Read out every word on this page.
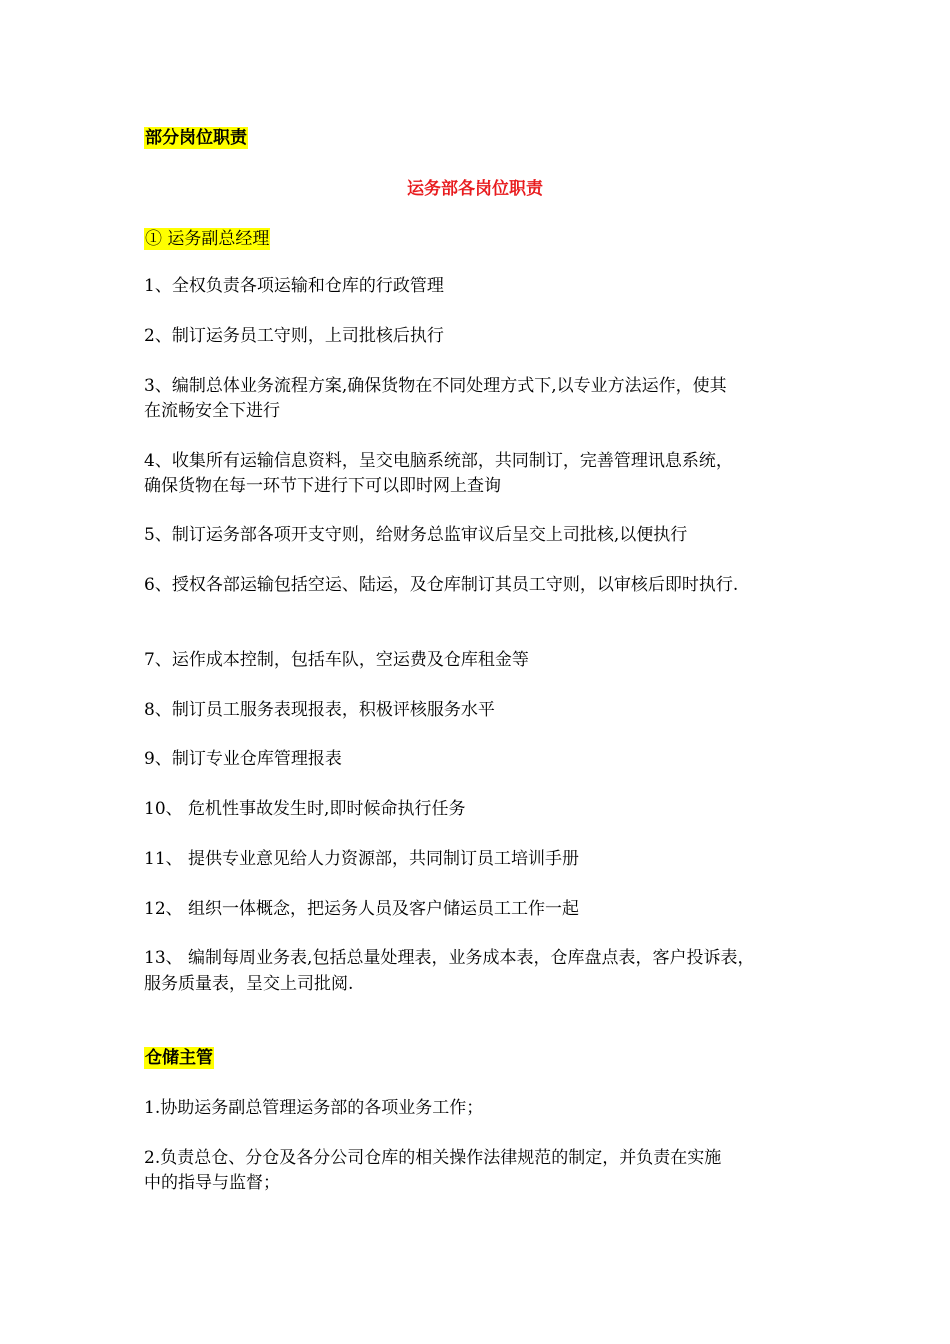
部分岗位职责
运务部各岗位职责
① 运务副总经理
1、全权负责各项运输和仓库的行政管理
2、制订运务员工守则，上司批核后执行
3、编制总体业务流程方案,确保货物在不同处理方式下,以专业方法运作，使其
在流畅安全下进行
4、收集所有运输信息资料，呈交电脑系统部，共同制订，完善管理讯息系统，
确保货物在每一环节下进行下可以即时网上查询
5、制订运务部各项开支守则，给财务总监审议后呈交上司批核,以便执行
6、授权各部运输包括空运、陆运，及仓库制订其员工守则，以审核后即时执行.
7、运作成本控制，包括车队，空运费及仓库租金等
8、制订员工服务表现报表，积极评核服务水平
9、制订专业仓库管理报表
10、 危机性事故发生时,即时候命执行任务
11、 提供专业意见给人力资源部，共同制订员工培训手册
12、 组织一体概念，把运务人员及客户储运员工工作一起
13、 编制每周业务表,包括总量处理表，业务成本表，仓库盘点表，客户投诉表，
服务质量表，呈交上司批阅.
仓储主管
1.协助运务副总管理运务部的各项业务工作；
2.负责总仓、分仓及各分公司仓库的相关操作法律规范的制定，并负责在实施
中的指导与监督；
